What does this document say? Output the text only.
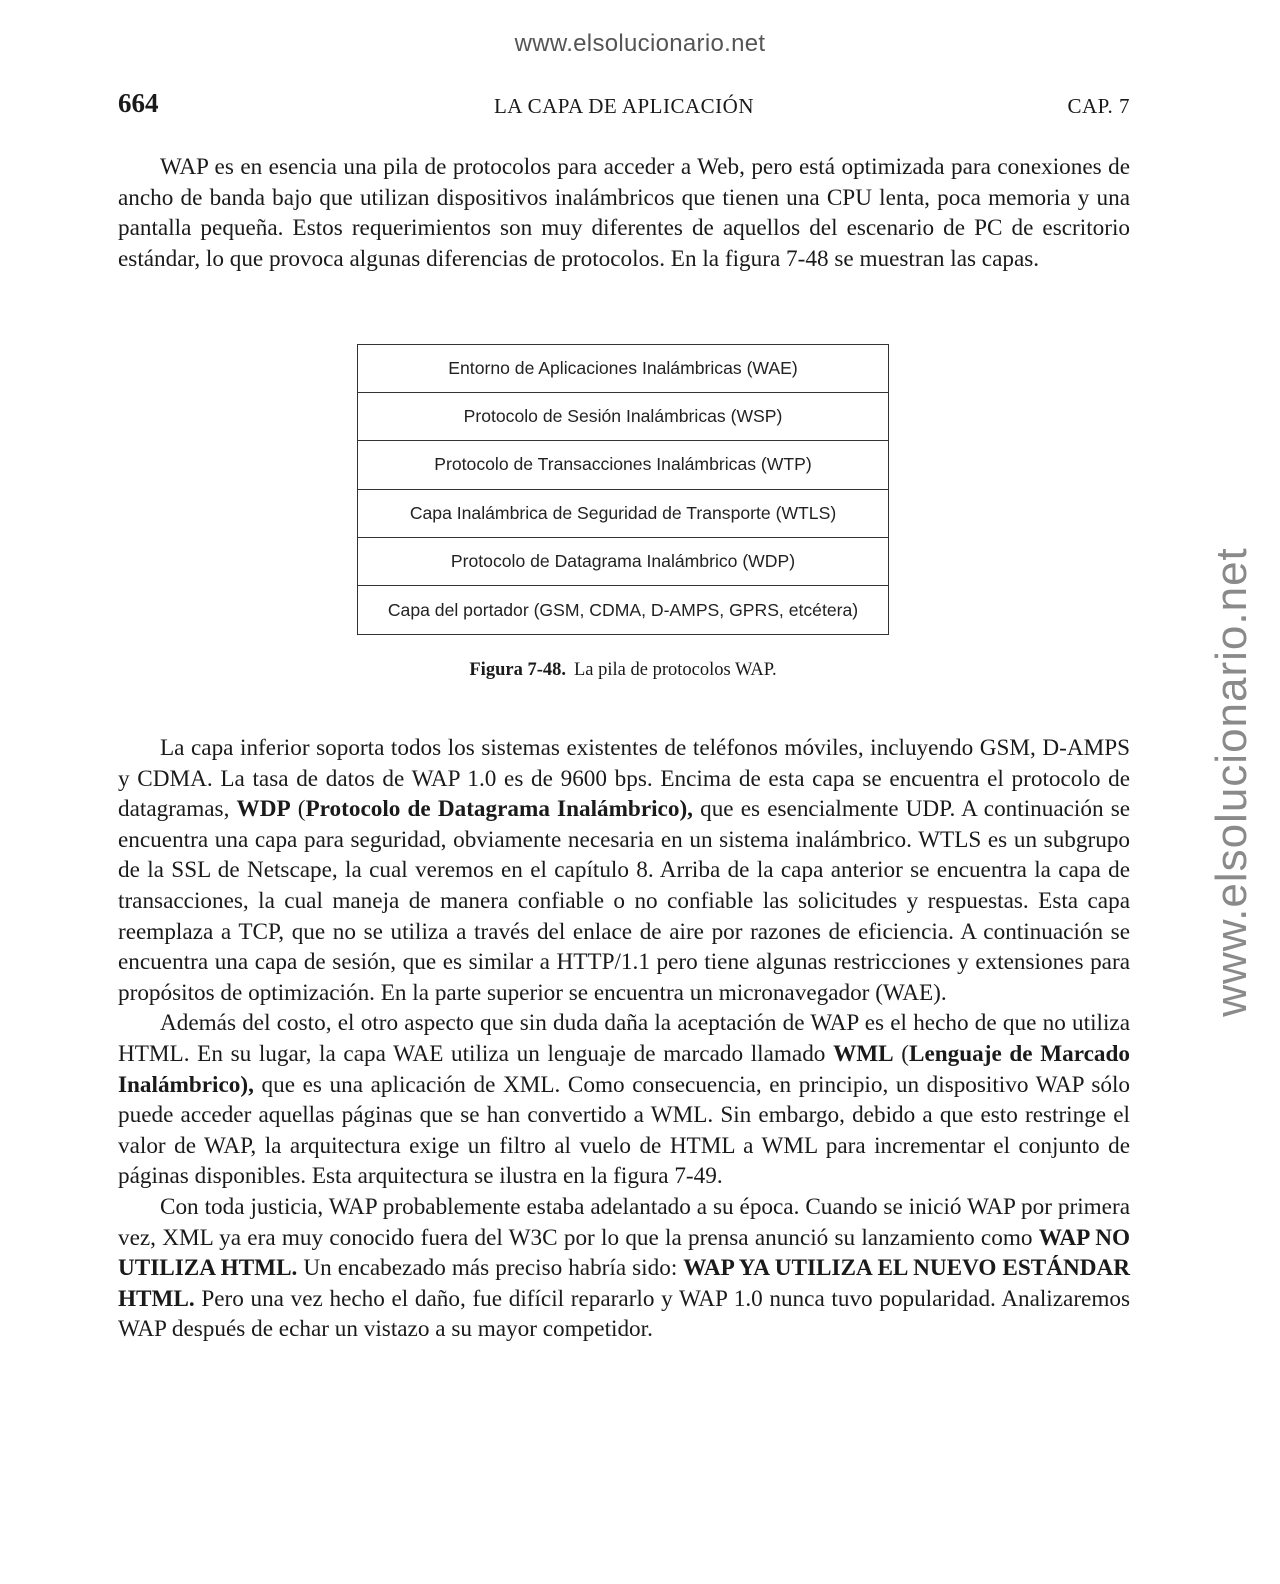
www.elsolucionario.net
www.elsolucionario.net
LA CAPA DE APLICACIÓN
664	CAP. 7

WAP es en esencia una pila de protocolos para acceder a Web, pero está optimizada para conexiones de ancho de banda bajo que utilizan dispositivos inalámbricos que tienen una CPU lenta, poca memoria y una pantalla pequeña. Estos requerimientos son muy diferentes de aquellos del escenario de PC de escritorio estándar, lo que provoca algunas diferencias de protocolos. En la figura 7-48 se muestran las capas.

Entorno de Aplicaciones Inalámbricas (WAE)
Protocolo de Sesión Inalámbricas (WSP)
Protocolo de Transacciones Inalámbricas (WTP)
Capa Inalámbrica de Seguridad de Transporte (WTLS)
Protocolo de Datagrama Inalámbrico (WDP)
Capa del portador (GSM, CDMA, D-AMPS, GPRS, etcétera)
Figura 7-48. La pila de protocolos WAP.

La capa inferior soporta todos los sistemas existentes de teléfonos móviles, incluyendo GSM, D-AMPS y CDMA. La tasa de datos de WAP 1.0 es de 9600 bps. Encima de esta capa se encuentra el protocolo de datagramas, WDP (Protocolo de Datagrama Inalámbrico), que es esencialmente UDP. A continuación se encuentra una capa para seguridad, obviamente necesaria en un sistema inalámbrico. WTLS es un subgrupo de la SSL de Netscape, la cual veremos en el capítulo 8. Arriba de la capa anterior se encuentra la capa de transacciones, la cual maneja de manera confiable o no confiable las solicitudes y respuestas. Esta capa reemplaza a TCP, que no se utiliza a través del enlace de aire por razones de eficiencia. A continuación se encuentra una capa de sesión, que es similar a HTTP/1.1 pero tiene algunas restricciones y extensiones para propósitos de optimización. En la parte superior se encuentra un micronavegador (WAE).

Además del costo, el otro aspecto que sin duda daña la aceptación de WAP es el hecho de que no utiliza HTML. En su lugar, la capa WAE utiliza un lenguaje de marcado llamado WML (Lenguaje de Marcado Inalámbrico), que es una aplicación de XML. Como consecuencia, en principio, un dispositivo WAP sólo puede acceder aquellas páginas que se han convertido a WML. Sin embargo, debido a que esto restringe el valor de WAP, la arquitectura exige un filtro al vuelo de HTML a WML para incrementar el conjunto de páginas disponibles. Esta arquitectura se ilustra en la figura 7-49.

Con toda justicia, WAP probablemente estaba adelantado a su época. Cuando se inició WAP por primera vez, XML ya era muy conocido fuera del W3C por lo que la prensa anunció su lanzamiento como WAP NO UTILIZA HTML. Un encabezado más preciso habría sido: WAP YA UTILIZA EL NUEVO ESTÁNDAR HTML. Pero una vez hecho el daño, fue difícil repararlo y WAP 1.0 nunca tuvo popularidad. Analizaremos WAP después de echar un vistazo a su mayor competidor.
